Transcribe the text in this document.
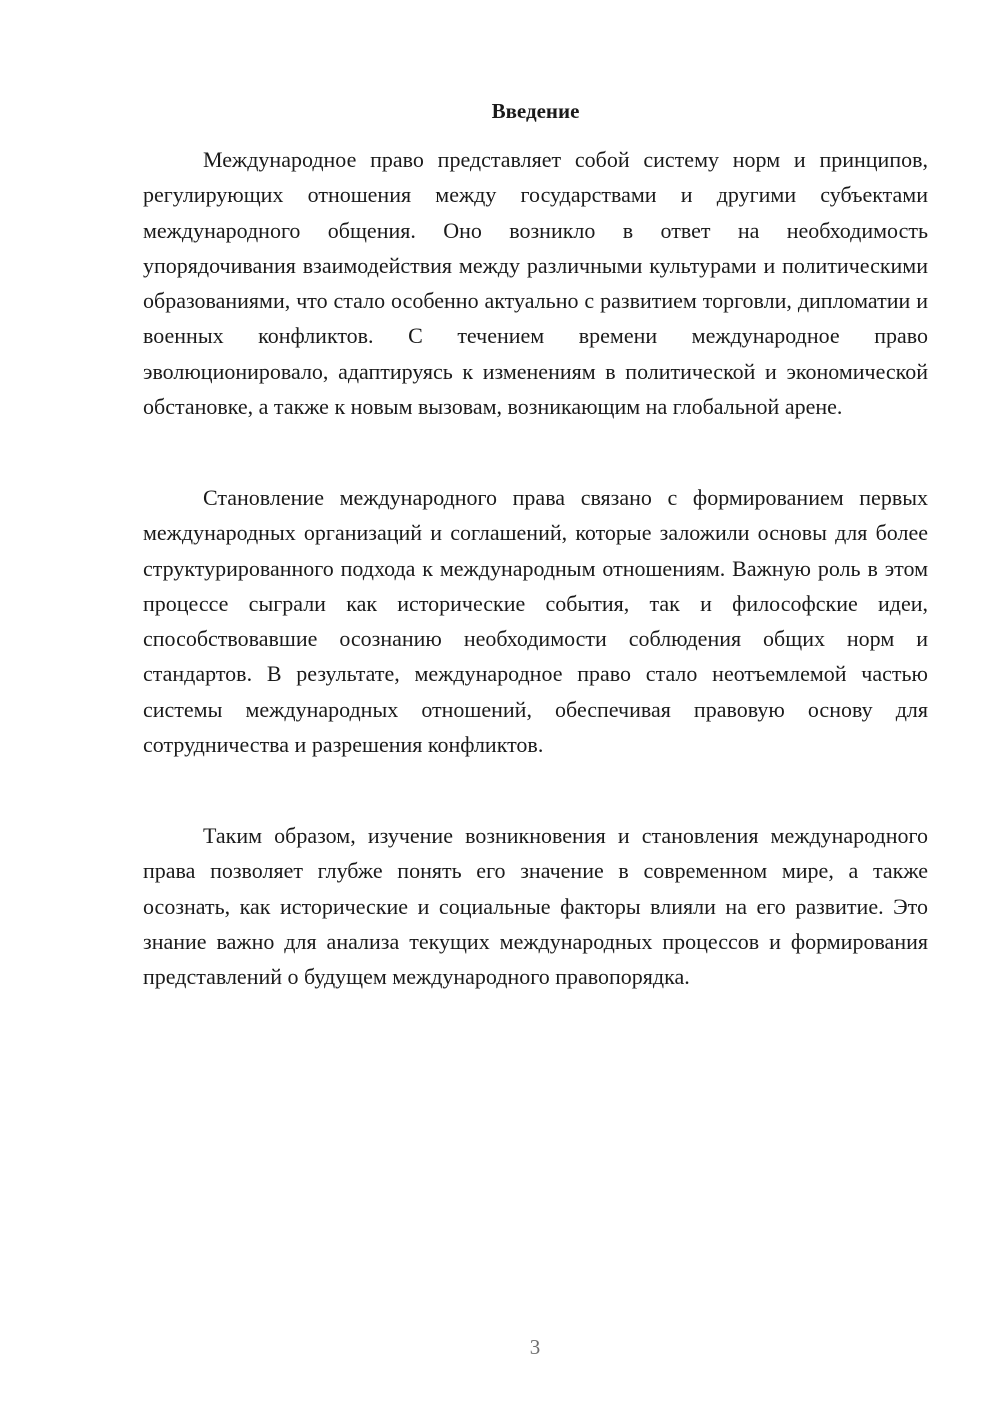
Введение

Международное право представляет собой систему норм и принципов, регулирующих отношения между государствами и другими субъектами международного общения. Оно возникло в ответ на необходимость упорядочивания взаимодействия между различными культурами и политическими образованиями, что стало особенно актуально с развитием торговли, дипломатии и военных конфликтов. С течением времени международное право эволюционировало, адаптируясь к изменениям в политической и экономической обстановке, а также к новым вызовам, возникающим на глобальной арене.

Становление международного права связано с формированием первых международных организаций и соглашений, которые заложили основы для более структурированного подхода к международным отношениям. Важную роль в этом процессе сыграли как исторические события, так и философские идеи, способствовавшие осознанию необходимости соблюдения общих норм и стандартов. В результате, международное право стало неотъемлемой частью системы международных отношений, обеспечивая правовую основу для сотрудничества и разрешения конфликтов.

Таким образом, изучение возникновения и становления международного права позволяет глубже понять его значение в современном мире, а также осознать, как исторические и социальные факторы влияли на его развитие. Это знание важно для анализа текущих международных процессов и формирования представлений о будущем международного правопорядка.

3
